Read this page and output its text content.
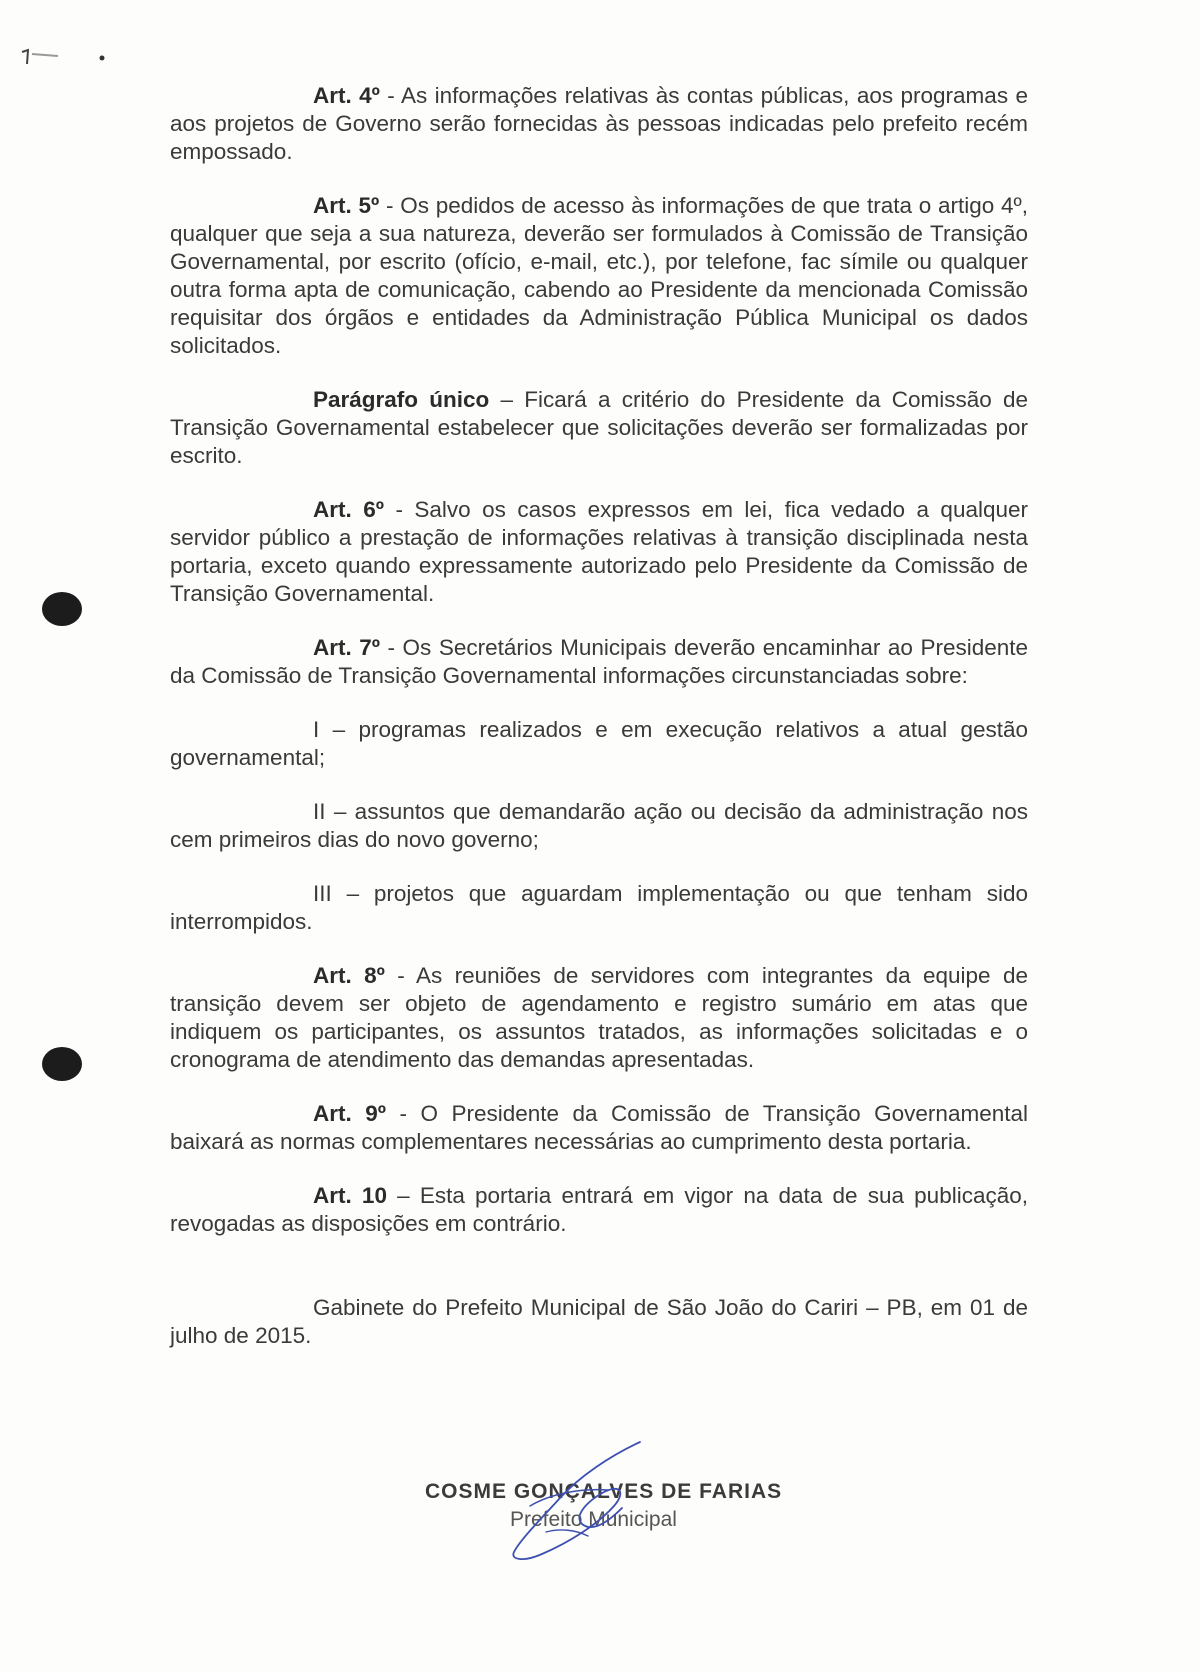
Art. 4º - As informações relativas às contas públicas, aos programas e aos projetos de Governo serão fornecidas às pessoas indicadas pelo prefeito recém empossado.

Art. 5º - Os pedidos de acesso às informações de que trata o artigo 4º, qualquer que seja a sua natureza, deverão ser formulados à Comissão de Transição Governamental, por escrito (ofício, e-mail, etc.), por telefone, fac símile ou qualquer outra forma apta de comunicação, cabendo ao Presidente da mencionada Comissão requisitar dos órgãos e entidades da Administração Pública Municipal os dados solicitados.

Parágrafo único – Ficará a critério do Presidente da Comissão de Transição Governamental estabelecer que solicitações deverão ser formalizadas por escrito.

Art. 6º - Salvo os casos expressos em lei, fica vedado a qualquer servidor público a prestação de informações relativas à transição disciplinada nesta portaria, exceto quando expressamente autorizado pelo Presidente da Comissão de Transição Governamental.

Art. 7º - Os Secretários Municipais deverão encaminhar ao Presidente da Comissão de Transição Governamental informações circunstanciadas sobre:

I – programas realizados e em execução relativos a atual gestão governamental;

II – assuntos que demandarão ação ou decisão da administração nos cem primeiros dias do novo governo;

III – projetos que aguardam implementação ou que tenham sido interrompidos.

Art. 8º - As reuniões de servidores com integrantes da equipe de transição devem ser objeto de agendamento e registro sumário em atas que indiquem os participantes, os assuntos tratados, as informações solicitadas e o cronograma de atendimento das demandas apresentadas.

Art. 9º - O Presidente da Comissão de Transição Governamental baixará as normas complementares necessárias ao cumprimento desta portaria.

Art. 10 – Esta portaria entrará em vigor na data de sua publicação, revogadas as disposições em contrário.

Gabinete do Prefeito Municipal de São João do Cariri – PB, em 01 de julho de 2015.

COSME GONÇALVES DE FARIAS
Prefeito Municipal
